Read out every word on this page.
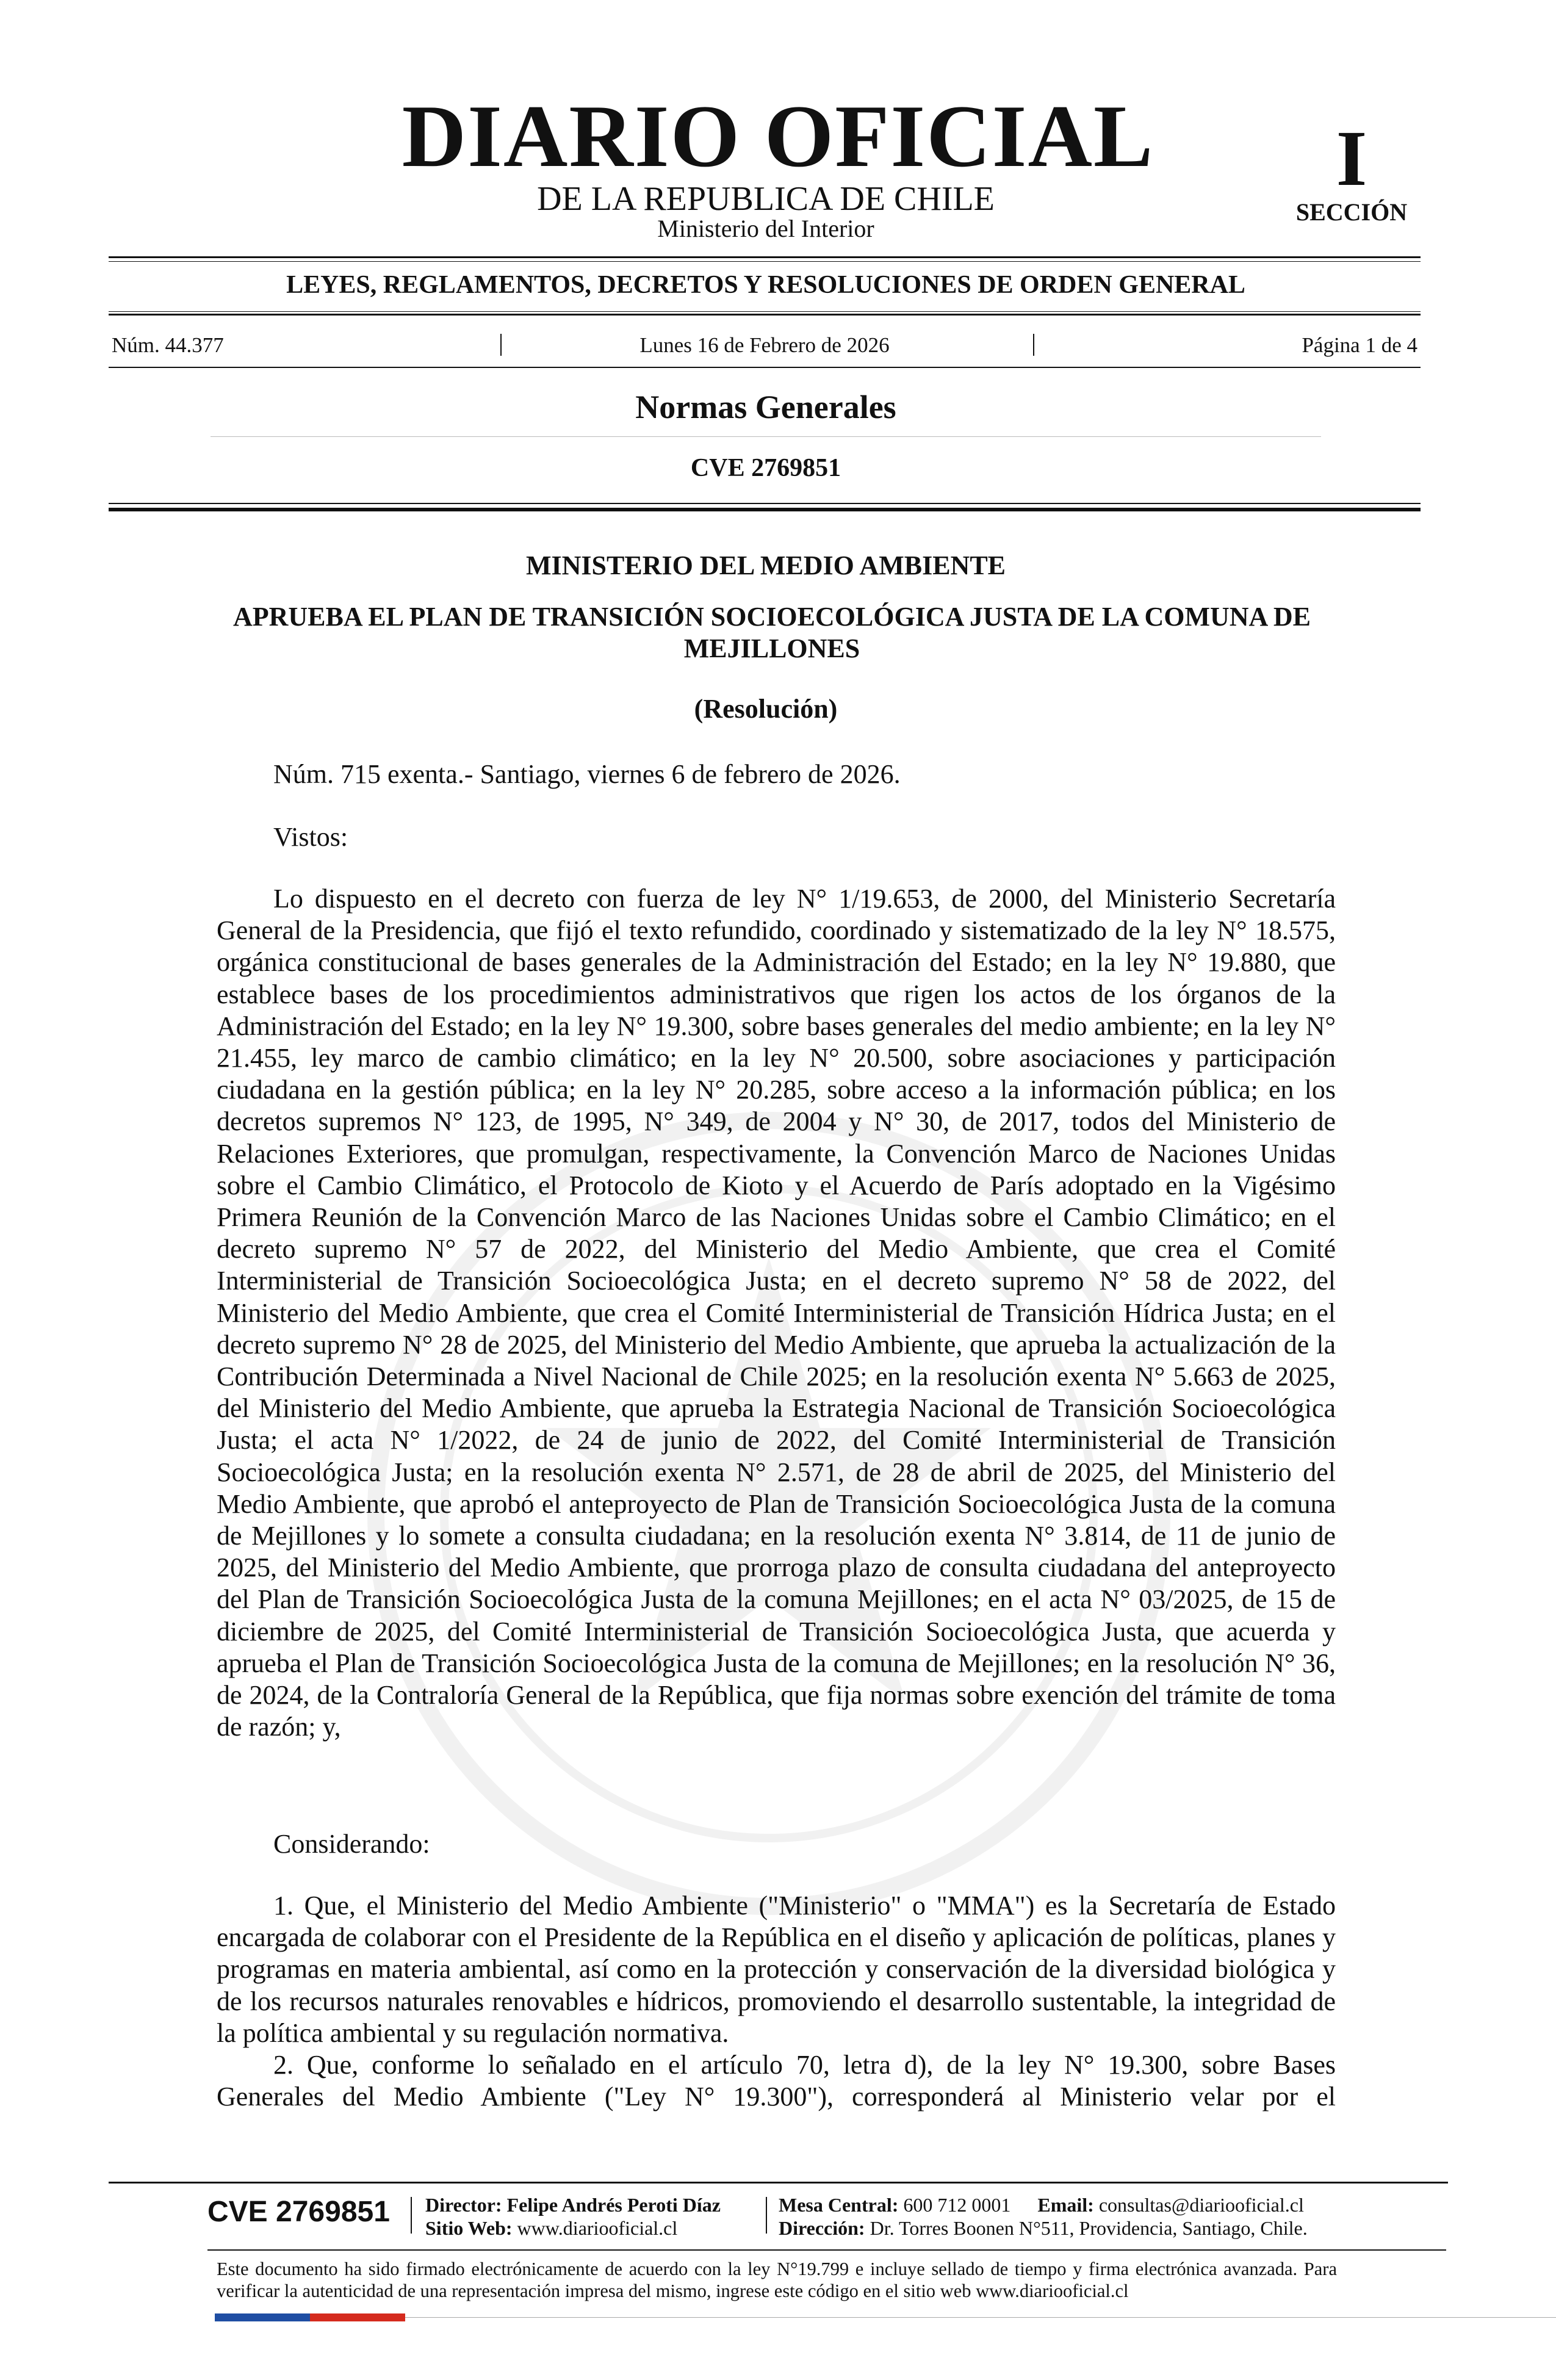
DIARIO OFICIAL
DE LA REPUBLICA DE CHILE
Ministerio del Interior
I
SECCIÓN
LEYES, REGLAMENTOS, DECRETOS Y RESOLUCIONES DE ORDEN GENERAL
Núm. 44.377	Lunes 16 de Febrero de 2026	Página 1 de 4
Normas Generales
CVE 2769851
MINISTERIO DEL MEDIO AMBIENTE
APRUEBA EL PLAN DE TRANSICIÓN SOCIOECOLÓGICA JUSTA DE LA COMUNA DE MEJILLONES
(Resolución)
Núm. 715 exenta.- Santiago, viernes 6 de febrero de 2026.
Vistos:
Lo dispuesto en el decreto con fuerza de ley N° 1/19.653, de 2000, del Ministerio Secretaría General de la Presidencia, que fijó el texto refundido, coordinado y sistematizado de la ley N° 18.575, orgánica constitucional de bases generales de la Administración del Estado; en la ley N° 19.880, que establece bases de los procedimientos administrativos que rigen los actos de los órganos de la Administración del Estado; en la ley N° 19.300, sobre bases generales del medio ambiente; en la ley N° 21.455, ley marco de cambio climático; en la ley N° 20.500, sobre asociaciones y participación ciudadana en la gestión pública; en la ley N° 20.285, sobre acceso a la información pública; en los decretos supremos N° 123, de 1995, N° 349, de 2004 y N° 30, de 2017, todos del Ministerio de Relaciones Exteriores, que promulgan, respectivamente, la Convención Marco de Naciones Unidas sobre el Cambio Climático, el Protocolo de Kioto y el Acuerdo de París adoptado en la Vigésimo Primera Reunión de la Convención Marco de las Naciones Unidas sobre el Cambio Climático; en el decreto supremo N° 57 de 2022, del Ministerio del Medio Ambiente, que crea el Comité Interministerial de Transición Socioecológica Justa; en el decreto supremo N° 58 de 2022, del Ministerio del Medio Ambiente, que crea el Comité Interministerial de Transición Hídrica Justa; en el decreto supremo N° 28 de 2025, del Ministerio del Medio Ambiente, que aprueba la actualización de la Contribución Determinada a Nivel Nacional de Chile 2025; en la resolución exenta N° 5.663 de 2025, del Ministerio del Medio Ambiente, que aprueba la Estrategia Nacional de Transición Socioecológica Justa; el acta N° 1/2022, de 24 de junio de 2022, del Comité Interministerial de Transición Socioecológica Justa; en la resolución exenta N° 2.571, de 28 de abril de 2025, del Ministerio del Medio Ambiente, que aprobó el anteproyecto de Plan de Transición Socioecológica Justa de la comuna de Mejillones y lo somete a consulta ciudadana; en la resolución exenta N° 3.814, de 11 de junio de 2025, del Ministerio del Medio Ambiente, que prorroga plazo de consulta ciudadana del anteproyecto del Plan de Transición Socioecológica Justa de la comuna Mejillones; en el acta N° 03/2025, de 15 de diciembre de 2025, del Comité Interministerial de Transición Socioecológica Justa, que acuerda y aprueba el Plan de Transición Socioecológica Justa de la comuna de Mejillones; en la resolución N° 36, de 2024, de la Contraloría General de la República, que fija normas sobre exención del trámite de toma de razón; y,
Considerando:
1. Que, el Ministerio del Medio Ambiente ("Ministerio" o "MMA") es la Secretaría de Estado encargada de colaborar con el Presidente de la República en el diseño y aplicación de políticas, planes y programas en materia ambiental, así como en la protección y conservación de la diversidad biológica y de los recursos naturales renovables e hídricos, promoviendo el desarrollo sustentable, la integridad de la política ambiental y su regulación normativa.
2. Que, conforme lo señalado en el artículo 70, letra d), de la ley N° 19.300, sobre Bases
Generales del Medio Ambiente ("Ley N° 19.300"), corresponderá al Ministerio velar por el
CVE 2769851 Director: Felipe Andrés Peroti Díaz
Sitio Web: www.diariooficial.cl
Mesa Central: 600 712 0001 Email: consultas@diariooficial.cl
Dirección: Dr. Torres Boonen N°511, Providencia, Santiago, Chile.
Este documento ha sido firmado electrónicamente de acuerdo con la ley N°19.799 e incluye sellado de tiempo y firma electrónica avanzada. Para verificar la autenticidad de una representación impresa del mismo, ingrese este código en el sitio web www.diariooficial.cl
